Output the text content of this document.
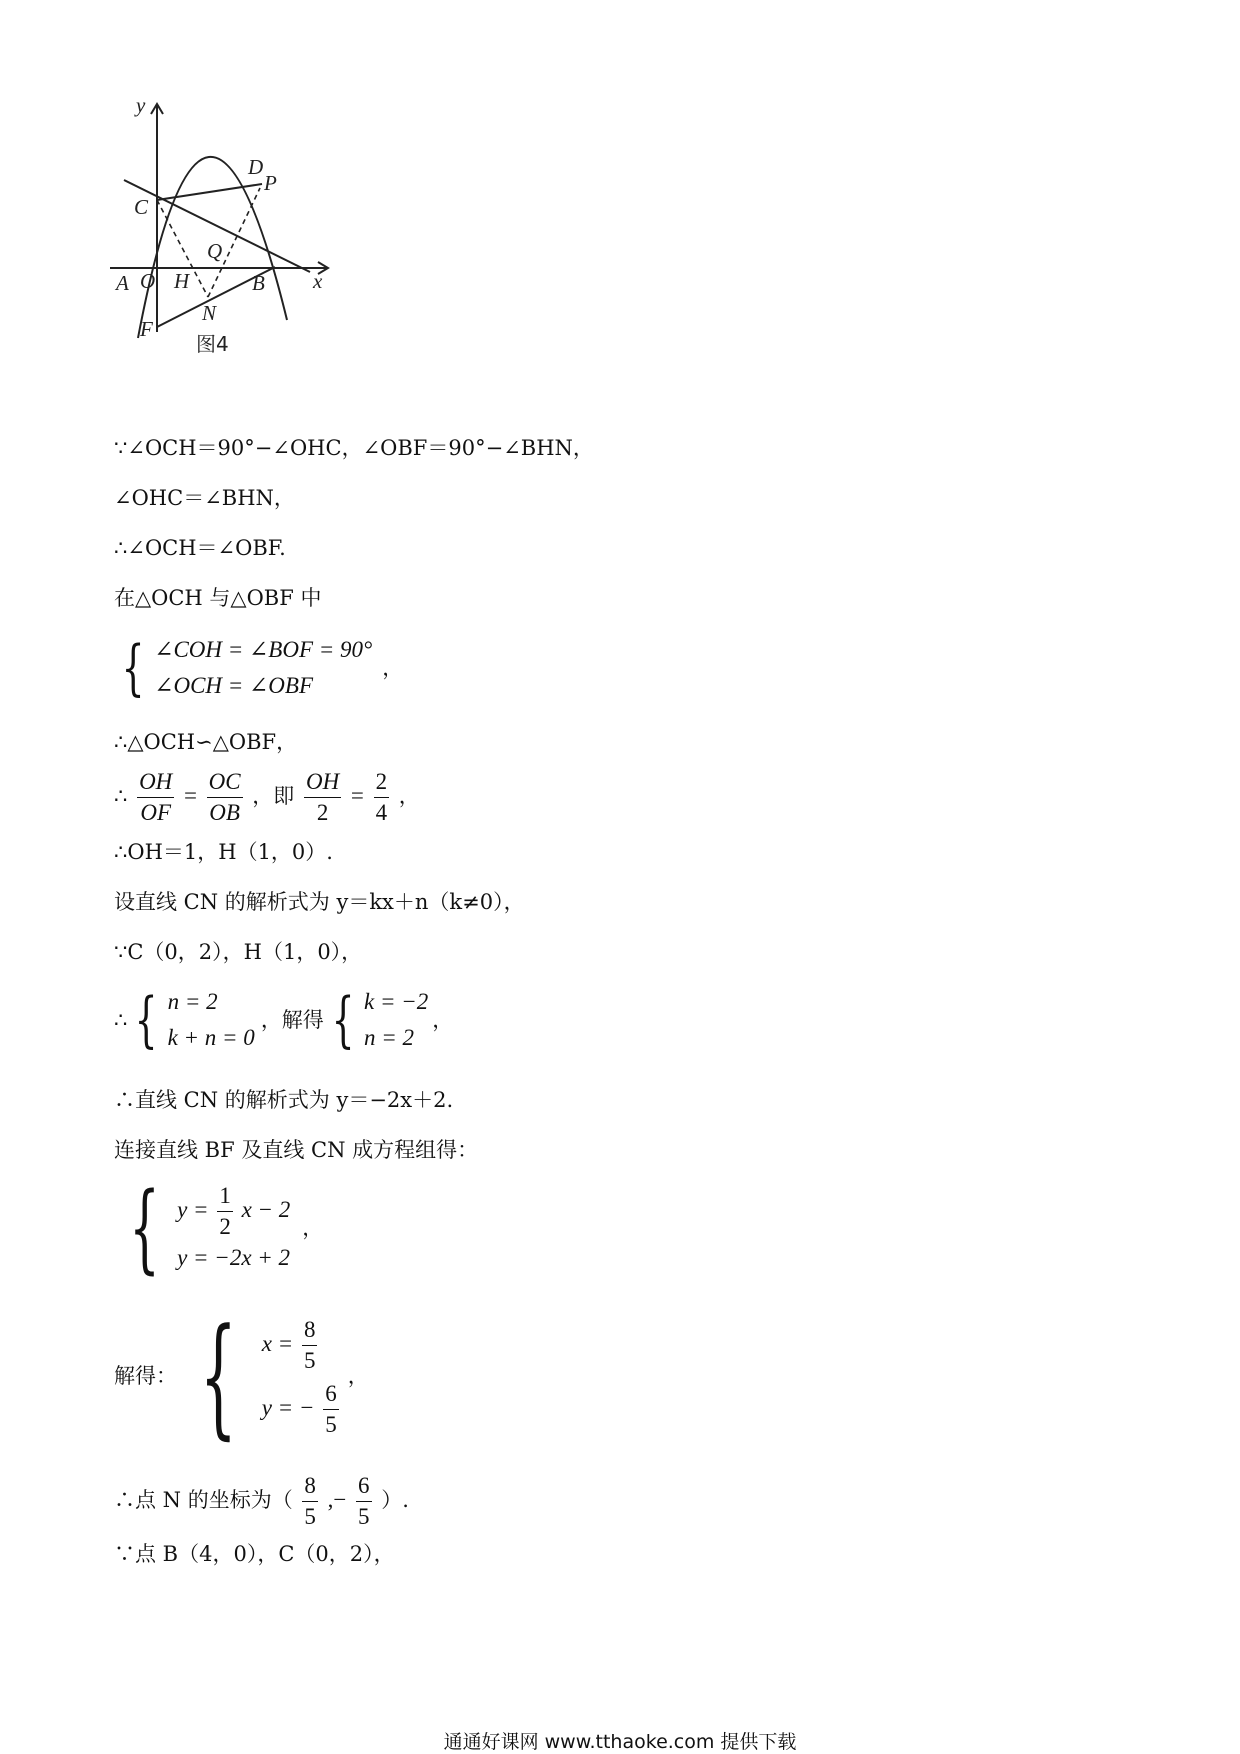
y
x
A O H	B
C
D
P
Q
N
F
图4
∵∠OCH＝90°−∠OHC，∠OBF＝90°−∠BHN，
∠OHC＝∠BHN，
∴∠OCH＝∠OBF.
在△OCH 与△OBF 中
{ ∠COH = ∠BOF = 90°
∠OCH = ∠OBF
，
∴△OCH∽△OBF，
∴ $\frac{OH}{OF} = \frac{OC}{OB}$ ，即 $\frac{OH}{2} = \frac{2}{4}$ ，
∴OH＝1，H（1，0）.
设直线 CN 的解析式为 y＝kx＋n（k≠0），
∵C（0，2），H（1，0），
∴ { n = 2
k + n = 0
，解得 { k = −2
n = 2
，
∴直线 CN 的解析式为 y＝−2x＋2.
连接直线 BF 及直线 CN 成方程组得：
{ $y = \frac{1}{2}$ x − 2
y = −2x + 2
，
解得： { $x = \frac{8}{5}$
y = − $\frac{6}{5}$
，
∴点 N 的坐标为（ $\frac{8}{5}$ ,− $\frac{6}{5}$ ）.
∵点 B（4，0），C（0，2），
通通好课网 www.tthaoke.com 提供下载
